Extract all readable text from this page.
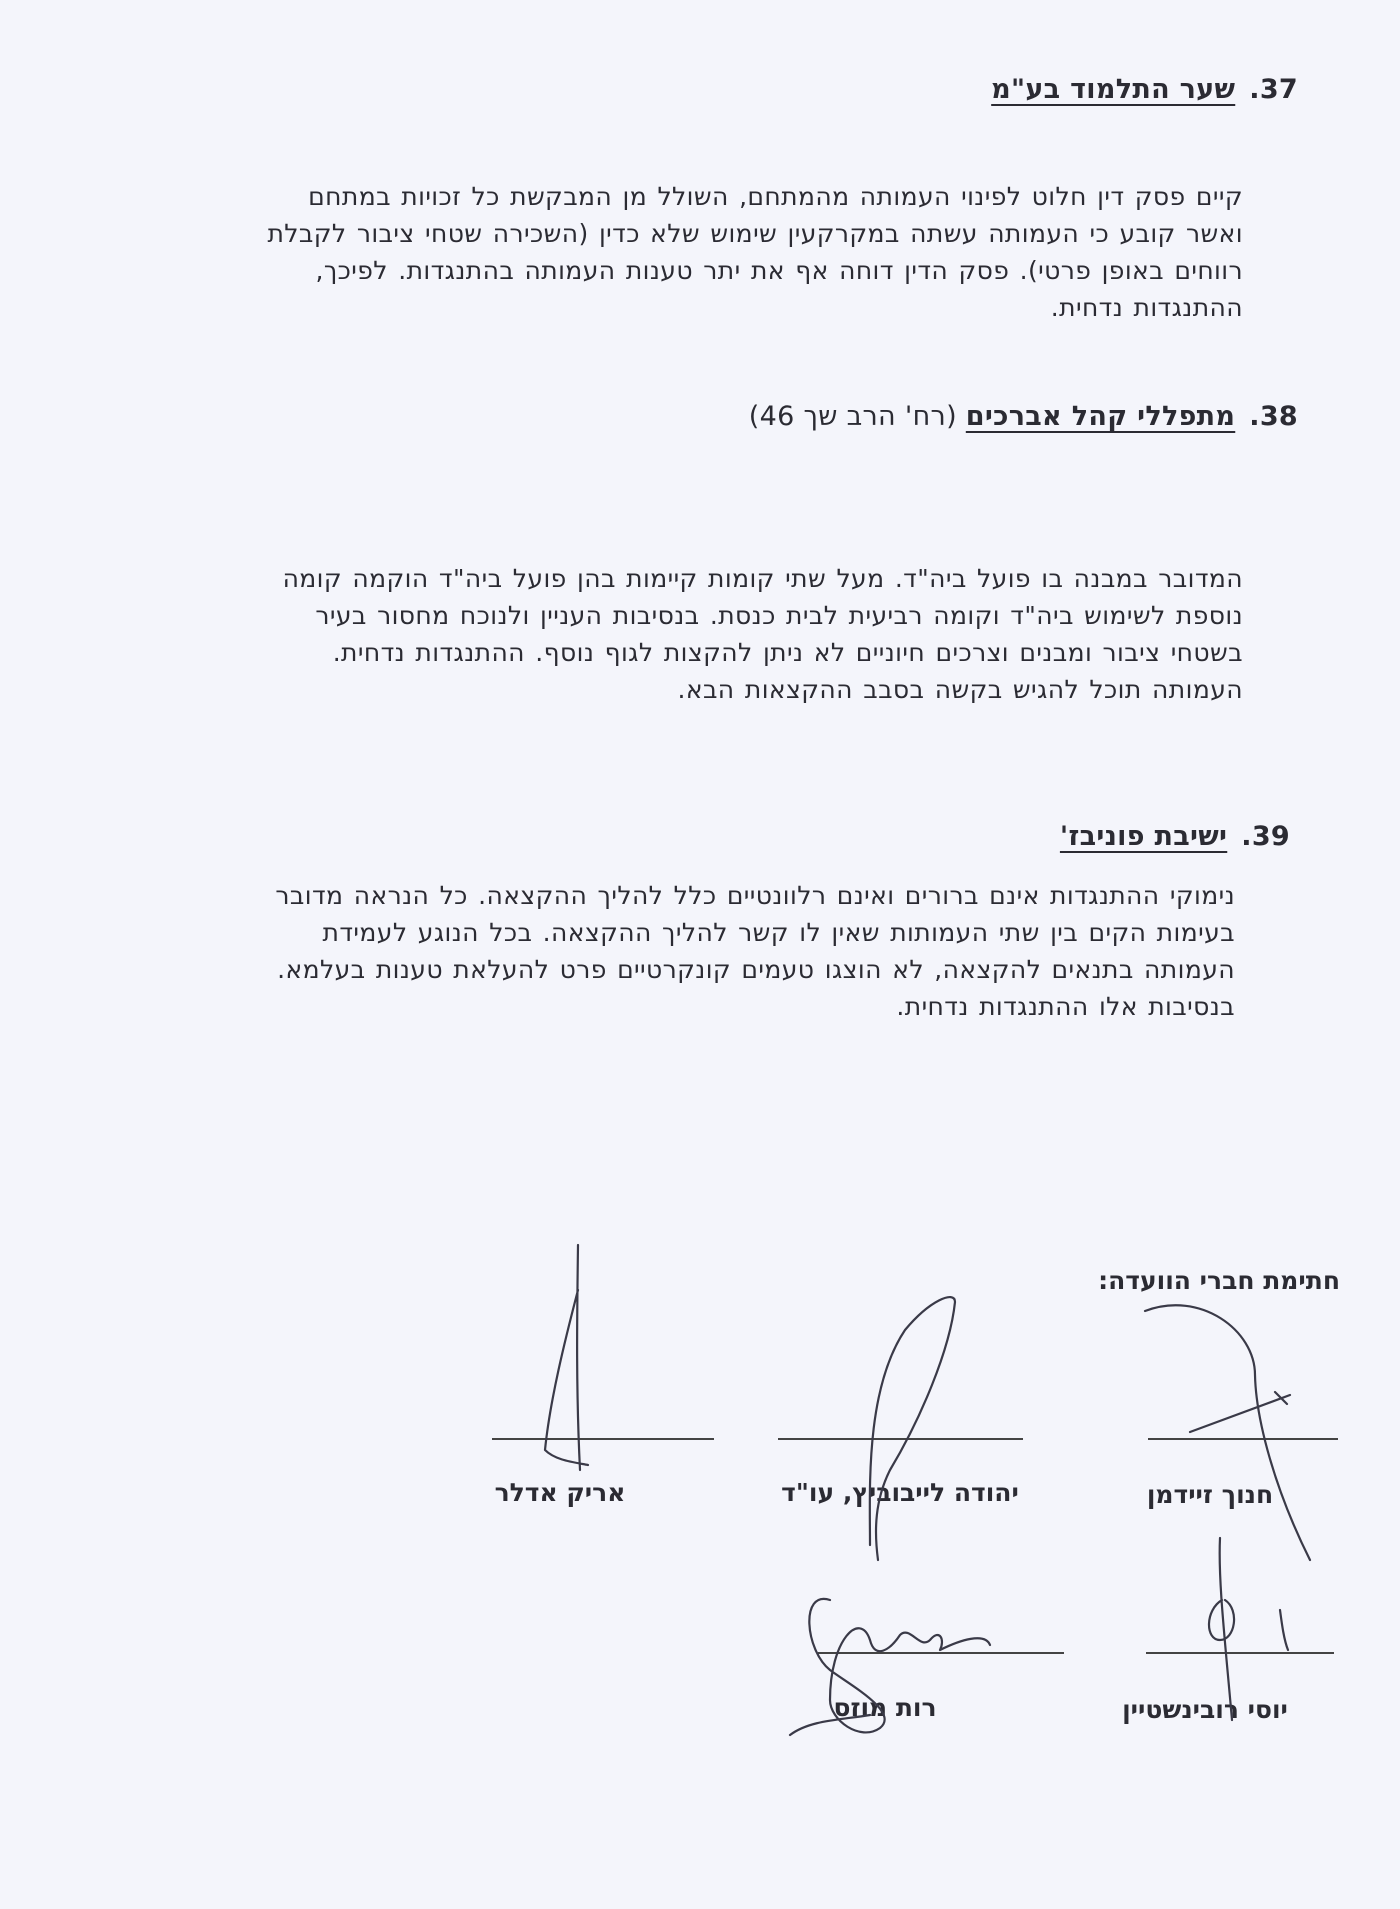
37.שער התלמוד בע"מ
קיים פסק דין חלוט לפינוי העמותה מהמתחם, השולל מן המבקשת כל זכויות במתחם
ואשר קובע כי העמותה עשתה במקרקעין שימוש שלא כדין (השכירה שטחי ציבור לקבלת
רווחים באופן פרטי). פסק הדין דוחה אף את יתר טענות העמותה בהתנגדות. לפיכך,
ההתנגדות נדחית.
38.מתפללי קהל אברכים (רח' הרב שך 46)
המדובר במבנה בו פועל ביה"ד. מעל שתי קומות קיימות בהן פועל ביה"ד הוקמה קומה
נוספת לשימוש ביה"ד וקומה רביעית לבית כנסת. בנסיבות העניין ולנוכח מחסור בעיר
בשטחי ציבור ומבנים וצרכים חיוניים לא ניתן להקצות לגוף נוסף. ההתנגדות נדחית.
העמותה תוכל להגיש בקשה בסבב ההקצאות הבא.
39.ישיבת פוניבז'
נימוקי ההתנגדות אינם ברורים ואינם רלוונטיים כלל להליך ההקצאה. כל הנראה מדובר
בעימות הקים בין שתי העמותות שאין לו קשר להליך ההקצאה. בכל הנוגע לעמידת
העמותה בתנאים להקצאה, לא הוצגו טעמים קונקרטיים פרט להעלאת טענות בעלמא.
בנסיבות אלו ההתנגדות נדחית.
חתימת חברי הוועדה:
חנוך זיידמן
יהודה לייבוביץ, עו"ד
אריק אדלר
יוסי רובינשטיין
רות מוזס
